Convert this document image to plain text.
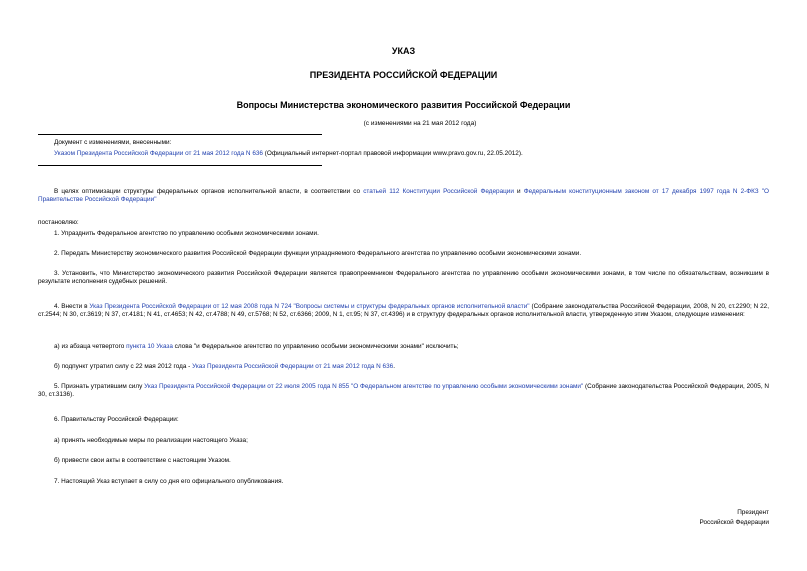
УКАЗ
ПРЕЗИДЕНТА РОССИЙСКОЙ ФЕДЕРАЦИИ
Вопросы Министерства экономического развития Российской Федерации
(с изменениями на 21 мая 2012 года)
Документ с изменениями, внесенными:
Указом Президента Российской Федерации от 21 мая 2012 года N 636 (Официальный интернет-портал правовой информации www.pravo.gov.ru, 22.05.2012).
В целях оптимизации структуры федеральных органов исполнительной власти, в соответствии со статьей 112 Конституции Российской Федерации и Федеральным конституционным законом от 17 декабря 1997 года N 2-ФКЗ "О Правительстве Российской Федерации"
постановляю:
1. Упразднить Федеральное агентство по управлению особыми экономическими зонами.
2. Передать Министерству экономического развития Российской Федерации функции упраздняемого Федерального агентства по управлению особыми экономическими зонами.
3. Установить, что Министерство экономического развития Российской Федерации является правопреемником Федерального агентства по управлению особыми экономическими зонами, в том числе по обязательствам, возникшим в результате исполнения судебных решений.
4. Внести в Указ Президента Российской Федерации от 12 мая 2008 года N 724 "Вопросы системы и структуры федеральных органов исполнительной власти" (Собрание законодательства Российской Федерации, 2008, N 20, ст.2290; N 22, ст.2544; N 30, ст.3619; N 37, ст.4181; N 41, ст.4653; N 42, ст.4788; N 49, ст.5768; N 52, ст.6366; 2009, N 1, ст.95; N 37, ст.4396) и в структуру федеральных органов исполнительной власти, утвержденную этим Указом, следующие изменения:
а) из абзаца четвертого пункта 10 Указа слова "и Федеральное агентство по управлению особыми экономическими зонами" исключить;
б) подпункт утратил силу с 22 мая 2012 года - Указ Президента Российской Федерации от 21 мая 2012 года N 636.
5. Признать утратившим силу Указ Президента Российской Федерации от 22 июля 2005 года N 855 "О Федеральном агентстве по управлению особыми экономическими зонами" (Собрание законодательства Российской Федерации, 2005, N 30, ст.3136).
6. Правительству Российской Федерации:
а) принять необходимые меры по реализации настоящего Указа;
б) привести свои акты в соответствие с настоящим Указом.
7. Настоящий Указ вступает в силу со дня его официального опубликования.
Президент
Российской Федерации
